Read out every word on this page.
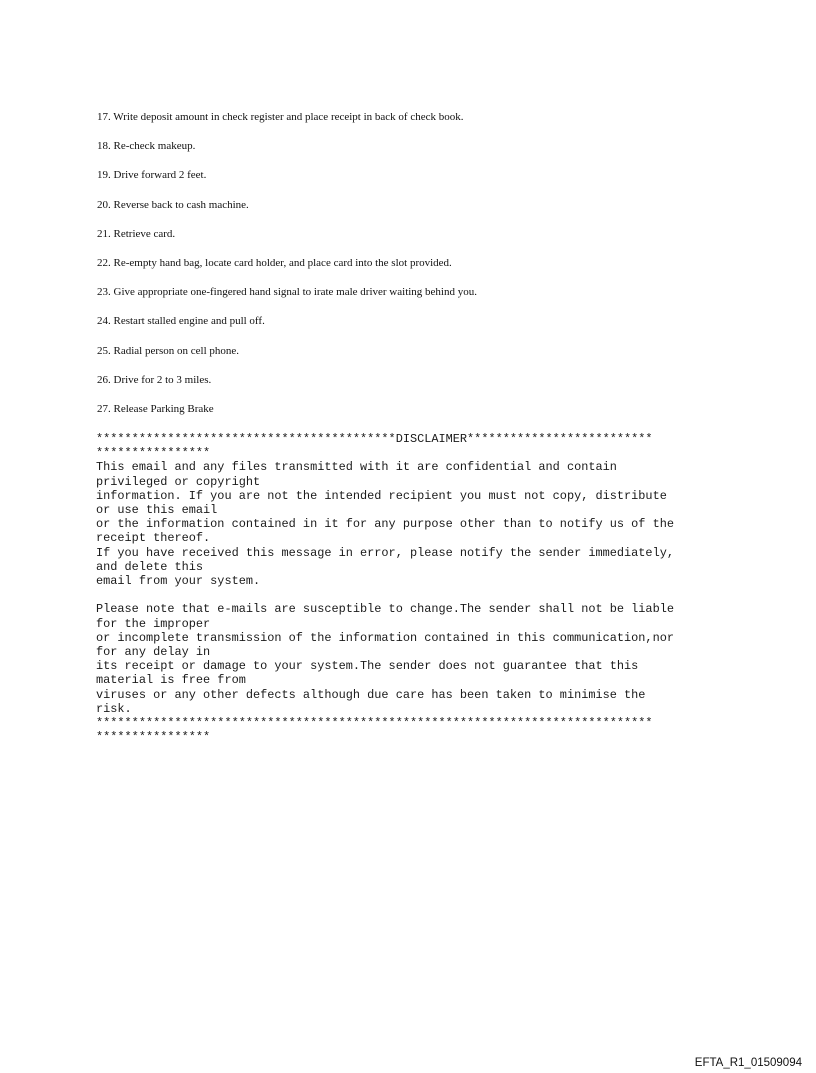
17. Write deposit amount in check register and place receipt in back of check book.
18. Re-check makeup.
19. Drive forward 2 feet.
20. Reverse back to cash machine.
21. Retrieve card.
22. Re-empty hand bag, locate card holder, and place card into the slot provided.
23. Give appropriate one-fingered hand signal to irate male driver waiting behind you.
24. Restart stalled engine and pull off.
25. Radial person on cell phone.
26. Drive for 2 to 3 miles.
27. Release Parking Brake
******************************************DISCLAIMER**************************
****************
This email and any files transmitted with it are confidential and contain
privileged or copyright
information. If you are not the intended recipient you must not copy, distribute
or use this email
or the information contained in it for any purpose other than to notify us of the
receipt thereof.
If you have received this message in error, please notify the sender immediately,
and delete this
email from your system.
Please note that e-mails are susceptible to change.The sender shall not be liable
for the improper
or incomplete transmission of the information contained in this communication,nor
for any delay in
its receipt or damage to your system.The sender does not guarantee that this
material is free from
viruses or any other defects although due care has been taken to minimise the
risk.
******************************************************************************
****************
EFTA_R1_01509094
